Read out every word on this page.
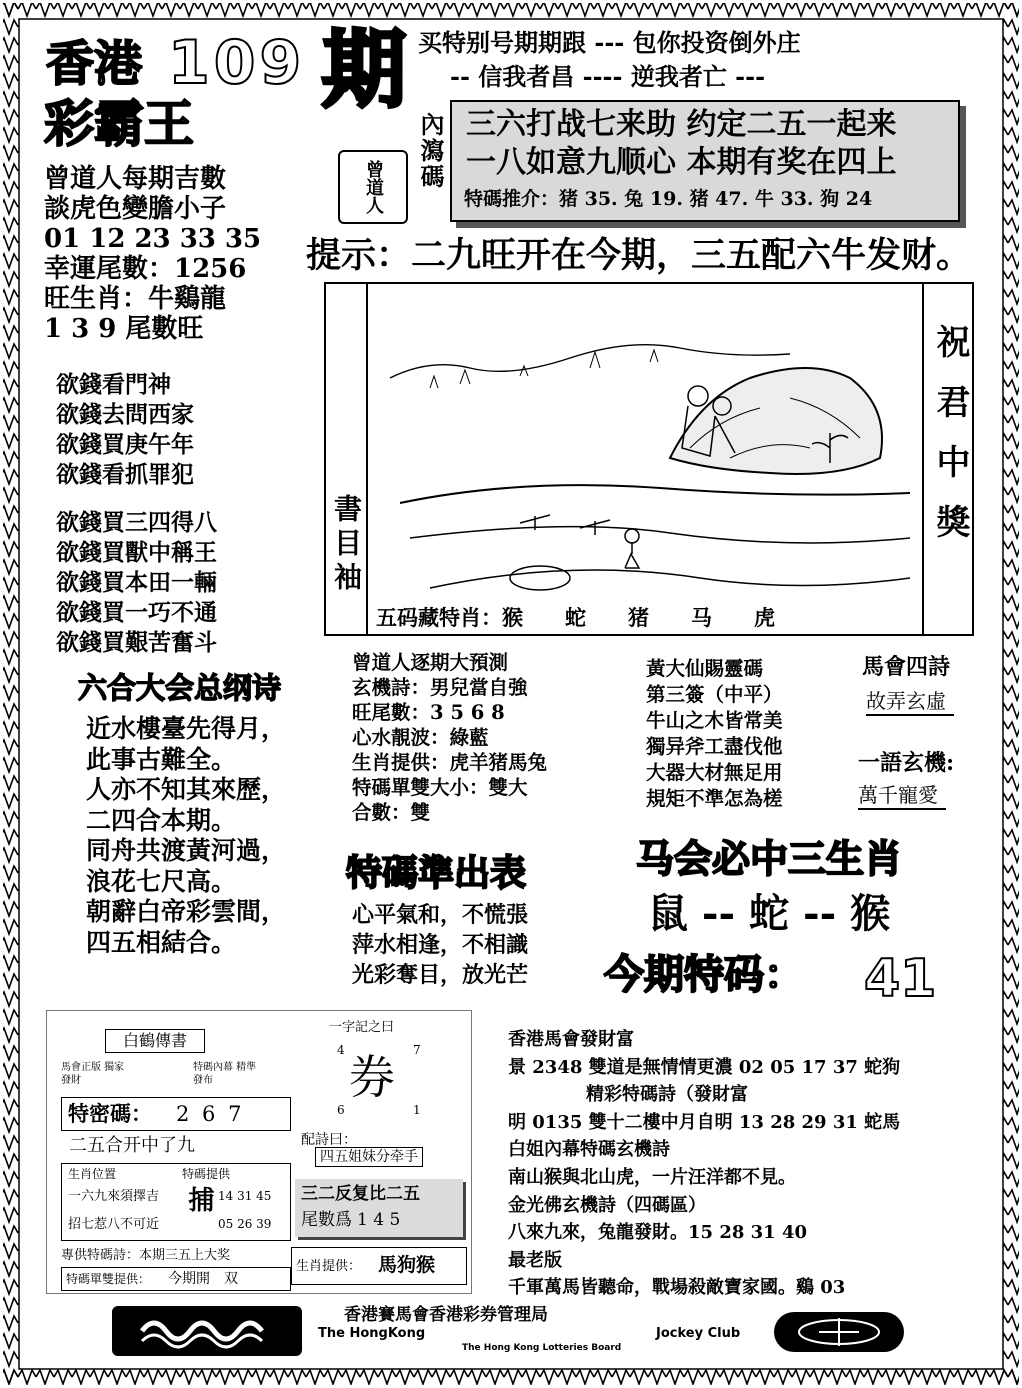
香港 109
彩霸王
期 买特别号期期跟 --- 包你投资倒外庄
-- 信我者昌 ---- 逆我者亡 ---
內瀉碼
曾道人
三六打战七来助 约定二五一起来
一八如意九顺心 本期有奖在四上
特碼推介：猪 35. 兔 19. 猪 47. 牛 33. 狗 24
提示：二九旺开在今期，三五配六牛发财。
曾道人每期吉數
談虎色變膽小子
01 12 23 33 35
幸運尾數：1256
旺生肖：牛鷄龍
1 3 9 尾數旺
欲錢看門神
欲錢去問西家
欲錢買庚午年
欲錢看抓罪犯
欲錢買三四得八
欲錢買獸中稱王
欲錢買本田一輛
欲錢買一巧不通
欲錢買艱苦奮斗
書目袖	祝君中獎
五码藏特肖：猴　　蛇　　猪　　马　　虎
六合大会总纲诗
近水樓臺先得月，
此事古難全。
人亦不知其來歷，
二四合本期。
同舟共渡黃河過，
浪花七尺高。
朝辭白帝彩雲間，
四五相結合。
曾道人逐期大預測
玄機詩：男兒當自強
旺尾數：3 5 6 8
心水靚波：綠藍
生肖提供：虎羊猪馬兔
特碼單雙大小：雙大
合數：雙
黃大仙賜靈碼
第三簽（中平）
牛山之木皆常美
獨异斧工盡伐他
大器大材無足用
規矩不準怎為槎
馬會四詩
故弄玄虛
一語玄機:
萬千寵愛
特碼準出表
心平氣和，不慌張
萍水相逢，不相識
光彩奪目，放光芒
马会必中三生肖
鼠 -- 蛇 -- 猴
今期特码： 41
白鶴傳書
馬會正版 獨家發財
特碼內幕 精準發布
特密碼： 2 6 7
二五合开中了九
生肖位置
一六九來須擇吉
招七惹八不可近
特碼提供
捕 14 31 45
05 26 39
專供特碼詩：本期三五上大奖
特碼單雙提供： 今期開　双
一字記之曰
4	7
券
6	1
配詩曰：
四五姐妹分牵手
三二反复比二五
尾數爲 1 4 5
生肖提供： 馬狗猴
香港馬會發財富
景 2348 雙道是無情情更濃 02 05 17 37 蛇狗
精彩特碼詩（發財富
明 0135 雙十二樓中月自明 13 28 29 31 蛇馬
白姐內幕特碼玄機詩
南山猴與北山虎，一片汪洋都不見。
金光佛玄機詩（四碼區）
八來九來，兔龍發財。15 28 31 40
最老版
千軍萬馬皆聽命，戰場殺敵寶家國。鷄 03
香港賽馬會香港彩券管理局
The HongKong	Jockey Club
The Hong Kong Lotteries Board
